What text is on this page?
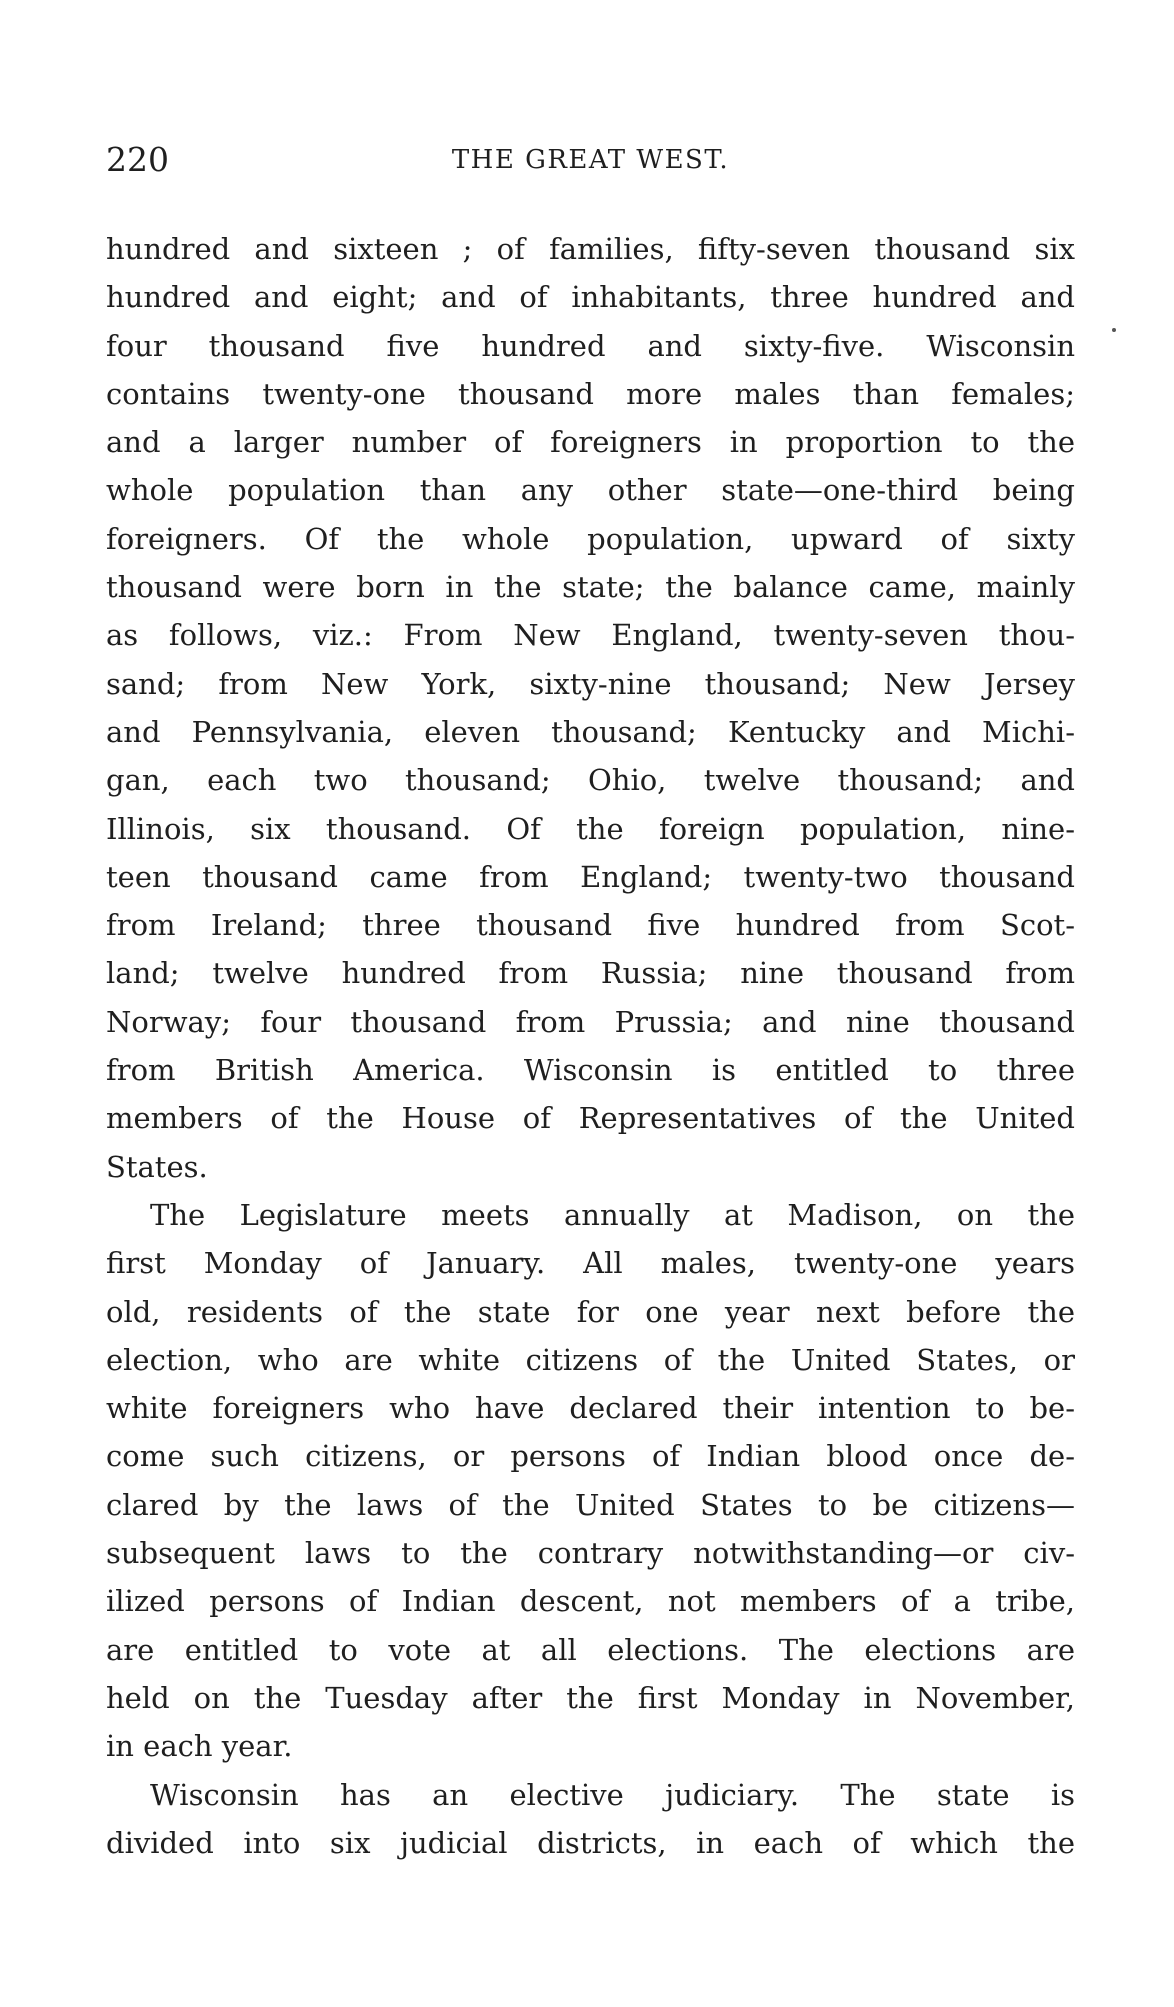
220	THE GREAT WEST.
hundred and sixteen ; of families, fifty-seven thousand six
hundred and eight; and of inhabitants, three hundred and
four thousand five hundred and sixty-five. Wisconsin
contains twenty-one thousand more males than females;
and a larger number of foreigners in proportion to the
whole population than any other state—one-third being
foreigners. Of the whole population, upward of sixty
thousand were born in the state; the balance came, mainly
as follows, viz.: From New England, twenty-seven thou-
sand; from New York, sixty-nine thousand; New Jersey
and Pennsylvania, eleven thousand; Kentucky and Michi-
gan, each two thousand; Ohio, twelve thousand; and
Illinois, six thousand. Of the foreign population, nine-
teen thousand came from England; twenty-two thousand
from Ireland; three thousand five hundred from Scot-
land; twelve hundred from Russia; nine thousand from
Norway; four thousand from Prussia; and nine thousand
from British America. Wisconsin is entitled to three
members of the House of Representatives of the United
States.
The Legislature meets annually at Madison, on the
first Monday of January. All males, twenty-one years
old, residents of the state for one year next before the
election, who are white citizens of the United States, or
white foreigners who have declared their intention to be-
come such citizens, or persons of Indian blood once de-
clared by the laws of the United States to be citizens—
subsequent laws to the contrary notwithstanding—or civ-
ilized persons of Indian descent, not members of a tribe,
are entitled to vote at all elections. The elections are
held on the Tuesday after the first Monday in November,
in each year.
Wisconsin has an elective judiciary. The state is
divided into six judicial districts, in each of which the
